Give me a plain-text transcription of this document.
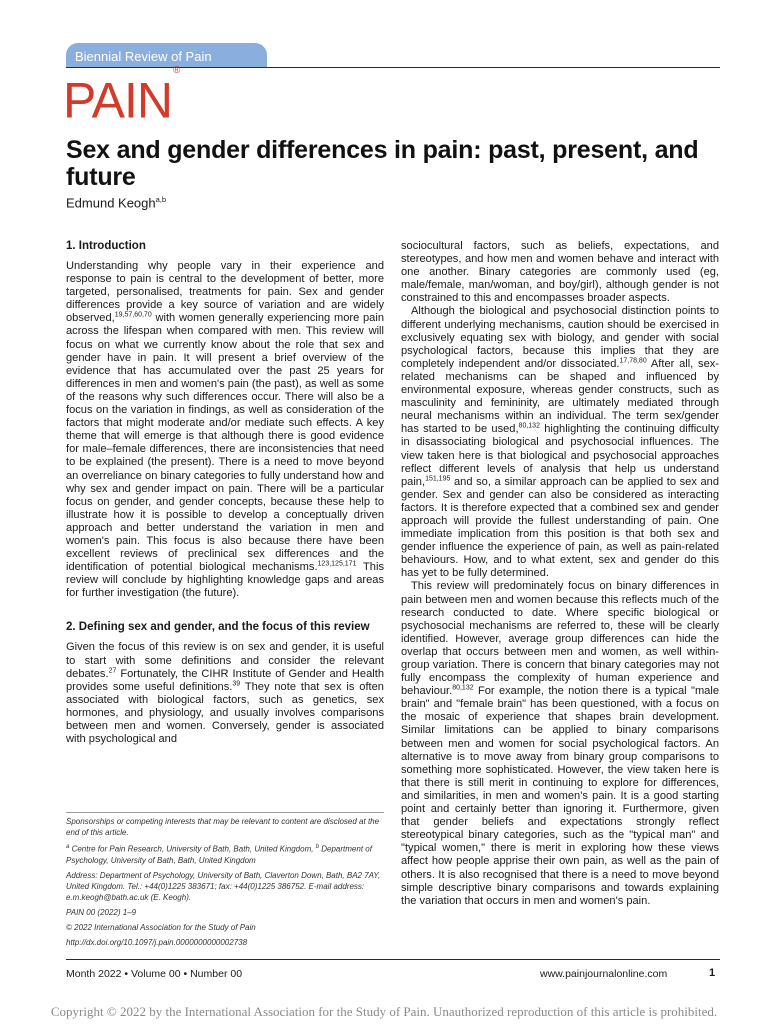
Biennial Review of Pain
PAIN®
Sex and gender differences in pain: past, present, and future
Edmund Keogh$^{a,b}$
1. Introduction

Understanding why people vary in their experience and response to pain is central to the development of better, more targeted, personalised, treatments for pain. Sex and gender differences provide a key source of variation and are widely observed,$^{19,57,60,70}$ with women generally experiencing more pain across the lifespan when compared with men. This review will focus on what we currently know about the role that sex and gender have in pain. It will present a brief overview of the evidence that has accumulated over the past 25 years for differences in men and women's pain (the past), as well as some of the reasons why such differences occur. There will also be a focus on the variation in findings, as well as consideration of the factors that might moderate and/or mediate such effects. A key theme that will emerge is that although there is good evidence for male–female differences, there are inconsistencies that need to be explained (the present). There is a need to move beyond an overreliance on binary categories to fully understand how and why sex and gender impact on pain. There will be a particular focus on gender, and gender concepts, because these help to illustrate how it is possible to develop a conceptually driven approach and better understand the variation in men and women's pain. This focus is also because there have been excellent reviews of preclinical sex differences and the identification of potential biological mechanisms.$^{123,125,171}$ This review will conclude by highlighting knowledge gaps and areas for further investigation (the future).

2. Defining sex and gender, and the focus of this review

Given the focus of this review is on sex and gender, it is useful to start with some definitions and consider the relevant debates.$^{27}$ Fortunately, the CIHR Institute of Gender and Health provides some useful definitions.$^{39}$ They note that sex is often associated with biological factors, such as genetics, sex hormones, and physiology, and usually involves comparisons between men and women. Conversely, gender is associated with psychological and

Sponsorships or competing interests that may be relevant to content are disclosed at the end of this article.

$^a$ Centre for Pain Research, University of Bath, Bath, United Kingdom, $^b$ Department of Psychology, University of Bath, Bath, United Kingdom

Address: Department of Psychology, University of Bath, Claverton Down, Bath, BA2 7AY, United Kingdom. Tel.: +44(0)1225 383671; fax: +44(0)1225 386752. E-mail address: e.m.keogh@bath.ac.uk (E. Keogh).

PAIN 00 (2022) 1–9

© 2022 International Association for the Study of Pain

http://dx.doi.org/10.1097/j.pain.0000000000002738

sociocultural factors, such as beliefs, expectations, and stereotypes, and how men and women behave and interact with one another. Binary categories are commonly used (eg, male/female, man/woman, and boy/girl), although gender is not constrained to this and encompasses broader aspects.

Although the biological and psychosocial distinction points to different underlying mechanisms, caution should be exercised in exclusively equating sex with biology, and gender with social psychological factors, because this implies that they are completely independent and/or dissociated.$^{17,78,80}$ After all, sex-related mechanisms can be shaped and influenced by environmental exposure, whereas gender constructs, such as masculinity and femininity, are ultimately mediated through neural mechanisms within an individual. The term sex/gender has started to be used,$^{80,132}$ highlighting the continuing difficulty in disassociating biological and psychosocial influences. The view taken here is that biological and psychosocial approaches reflect different levels of analysis that help us understand pain,$^{151,195}$ and so, a similar approach can be applied to sex and gender. Sex and gender can also be considered as interacting factors. It is therefore expected that a combined sex and gender approach will provide the fullest understanding of pain. One immediate implication from this position is that both sex and gender influence the experience of pain, as well as pain-related behaviours. How, and to what extent, sex and gender do this has yet to be fully determined.

This review will predominately focus on binary differences in pain between men and women because this reflects much of the research conducted to date. Where specific biological or psychosocial mechanisms are referred to, these will be clearly identified. However, average group differences can hide the overlap that occurs between men and women, as well within-group variation. There is concern that binary categories may not fully encompass the complexity of human experience and behaviour.$^{80,132}$ For example, the notion there is a typical "male brain" and "female brain" has been questioned, with a focus on the mosaic of experience that shapes brain development. Similar limitations can be applied to binary comparisons between men and women for social psychological factors. An alternative is to move away from binary group comparisons to something more sophisticated. However, the view taken here is that there is still merit in continuing to explore for differences, and similarities, in men and women's pain. It is a good starting point and certainly better than ignoring it. Furthermore, given that gender beliefs and expectations strongly reflect stereotypical binary categories, such as the "typical man" and "typical women," there is merit in exploring how these views affect how people apprise their own pain, as well as the pain of others. It is also recognised that there is a need to move beyond simple descriptive binary comparisons and towards explaining the variation that occurs in men and women's pain.

Month 2022 • Volume 00 • Number 00	www.painjournalonline.com	1
Copyright © 2022 by the International Association for the Study of Pain. Unauthorized reproduction of this article is prohibited.
